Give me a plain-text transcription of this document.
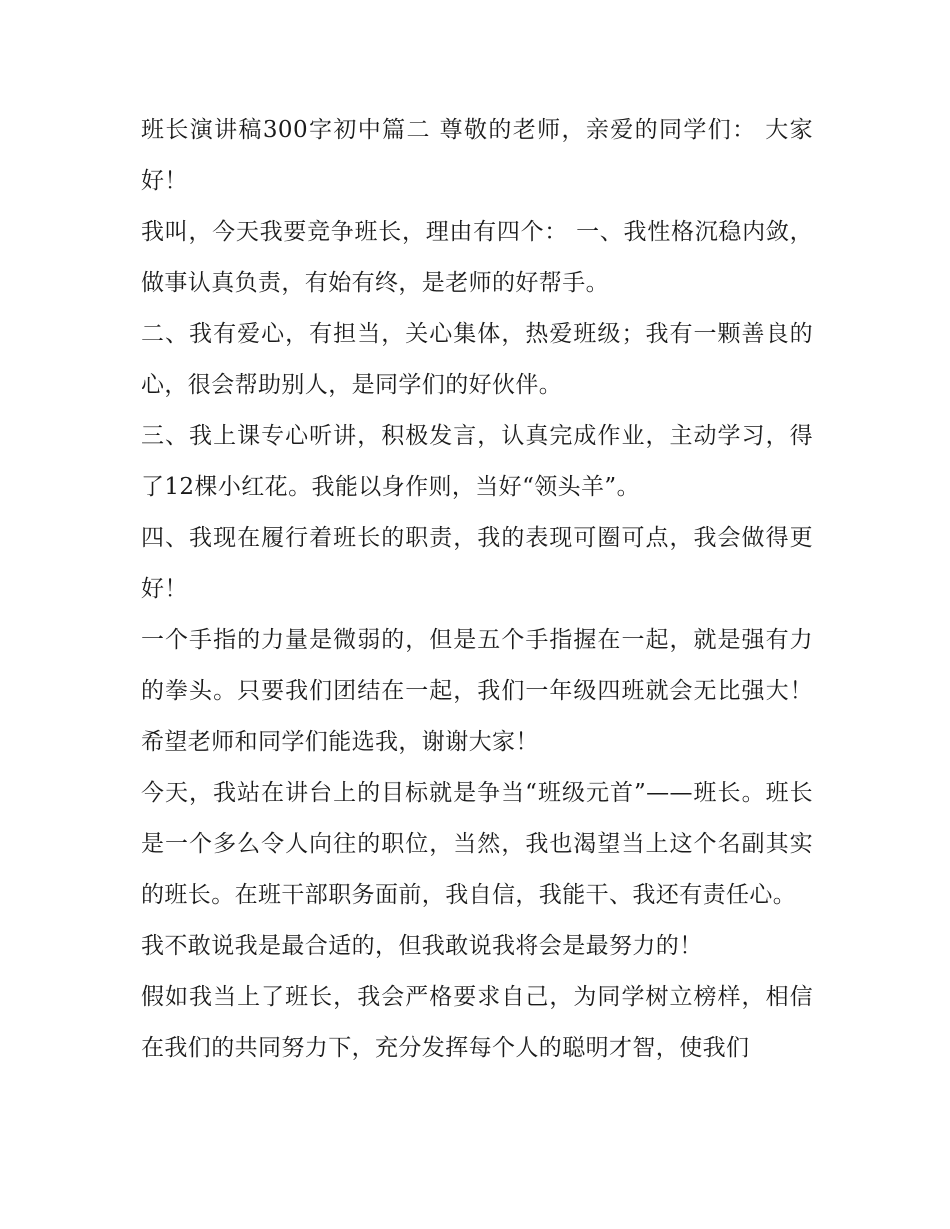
班长演讲稿300字初中篇二 尊敬的老师，亲爱的同学们： 大家好！

我叫，今天我要竞争班长，理由有四个： 一、我性格沉稳内敛，做事认真负责，有始有终，是老师的好帮手。

二、我有爱心，有担当，关心集体，热爱班级；我有一颗善良的心，很会帮助别人，是同学们的好伙伴。

三、我上课专心听讲，积极发言，认真完成作业，主动学习，得了12棵小红花。我能以身作则，当好“领头羊”。

四、我现在履行着班长的职责，我的表现可圈可点，我会做得更好！

一个手指的力量是微弱的，但是五个手指握在一起，就是强有力的拳头。只要我们团结在一起，我们一年级四班就会无比强大！ 希望老师和同学们能选我，谢谢大家！

今天，我站在讲台上的目标就是争当“班级元首”——班长。班长是一个多么令人向往的职位，当然，我也渴望当上这个名副其实的班长。在班干部职务面前，我自信，我能干、我还有责任心。

我不敢说我是最合适的，但我敢说我将会是最努力的！

假如我当上了班长，我会严格要求自己，为同学树立榜样，相信在我们的共同努力下，充分发挥每个人的聪明才智，使我们
